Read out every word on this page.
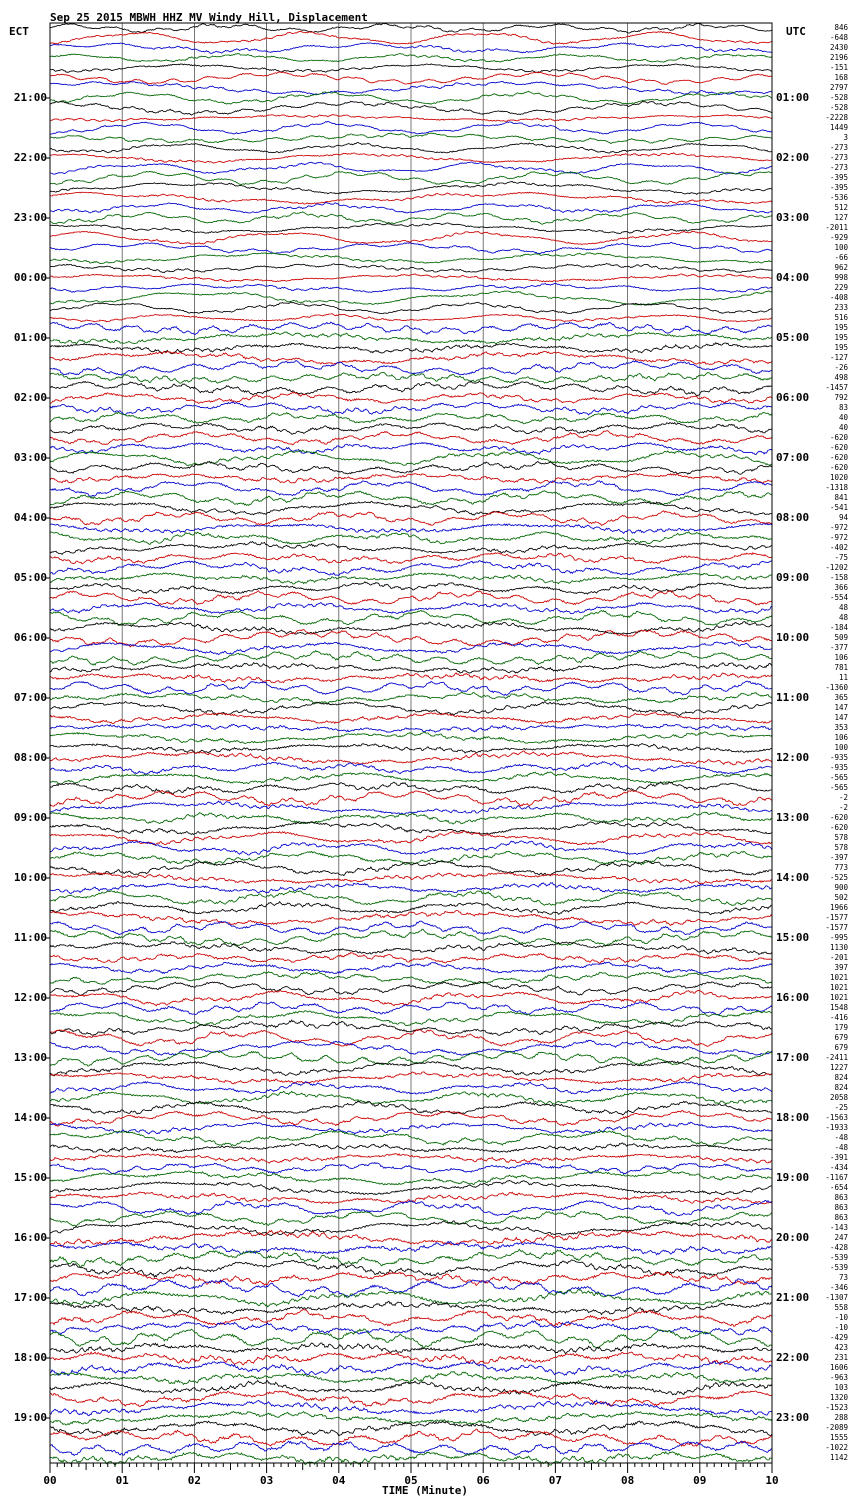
Sep 25 2015 MBWH HHZ MV Windy Hill, Displacement
ECT	UTC
00	01	02	03	04	05	06	07	08	09	10
21:00
22:00
23:00
00:00
01:00
02:00
03:00
04:00
05:00
06:00
07:00
08:00
09:00
10:00
11:00
12:00
13:00
14:00
15:00
16:00
17:00
18:00
19:00
01:00
02:00
03:00
04:00
05:00
06:00
07:00
08:00
09:00
10:00
11:00
12:00
13:00
14:00
15:00
16:00
17:00
18:00
19:00
20:00
21:00
22:00
23:00
846
-648
2430
2196
-151
168
2797
-528
-528
-2228
1449
3
-273
-273
-273
-395
-395
-536
512
127
-2011
-929
100
-66
962
998
229
-408
233
516
195
195
195
-127
-26
498
-1457
792
83
40
40
-620
-620
-620
-620
1020
-1318
841
-541
94
-972
-972
-402
-75
-1202
-158
366
-554
48
48
-184
509
-377
106
781
11
-1360
365
147
147
353
106
100
-935
-935
-565
-565
-2
-2
-620
-620
578
578
-397
773
-525
900
502
1966
-1577
-1577
-995
1130
-201
397
1021
1021
1021
1548
-416
179
679
679
-2411
1227
824
824
2058
-25
-1563
-1933
-48
-48
-391
-434
-1167
-654
863
863
863
-143
247
-428
-539
-539
73
-346
-1307
558
-10
-10
-429
423
231
1606
-963
103
1320
-1523
288
-2089
1555
-1022
1142
TIME (Minute)
